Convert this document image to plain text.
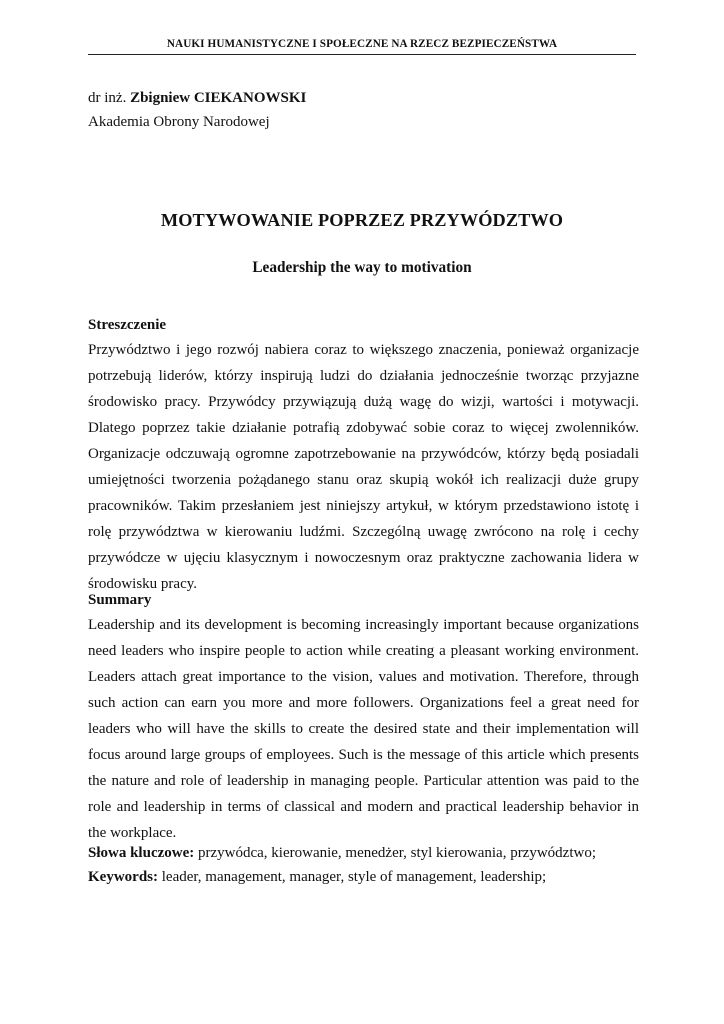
NAUKI HUMANISTYCZNE I SPOŁECZNE NA RZECZ BEZPIECZEŃSTWA
dr inż. Zbigniew CIEKANOWSKI
Akademia Obrony Narodowej
MOTYWOWANIE POPRZEZ PRZYWÓDZTWO
Leadership the way to motivation
Streszczenie

Przywództwo i jego rozwój nabiera coraz to większego znaczenia, ponieważ organizacje potrzebują liderów, którzy inspirują ludzi do działania jednocześnie tworząc przyjazne środowisko pracy. Przywódcy przywiązują dużą wagę do wizji, wartości i motywacji. Dlatego poprzez takie działanie potrafią zdobywać sobie coraz to więcej zwolenników. Organizacje odczuwają ogromne zapotrzebowanie na przywódców, którzy będą posiadali umiejętności tworzenia pożądanego stanu oraz skupią wokół ich realizacji duże grupy pracowników. Takim przesłaniem jest niniejszy artykuł, w którym przedstawiono istotę i rolę przywództwa w kierowaniu ludźmi. Szczególną uwagę zwrócono na rolę i cechy przywódcze w ujęciu klasycznym i nowoczesnym oraz praktyczne zachowania lidera w środowisku pracy.

Summary

Leadership and its development is becoming increasingly important because organizations need leaders who inspire people to action while creating a pleasant working environment. Leaders attach great importance to the vision, values and motivation. Therefore, through such action can earn you more and more followers. Organizations feel a great need for leaders who will have the skills to create the desired state and their implementation will focus around large groups of employees. Such is the message of this article which presents the nature and role of leadership in managing people. Particular attention was paid to the role and leadership in terms of classical and modern and practical leadership behavior in the workplace.

Słowa kluczowe: przywódca, kierowanie, menedżer, styl kierowania, przywództwo;
Keywords: leader, management, manager, style of management, leadership;
